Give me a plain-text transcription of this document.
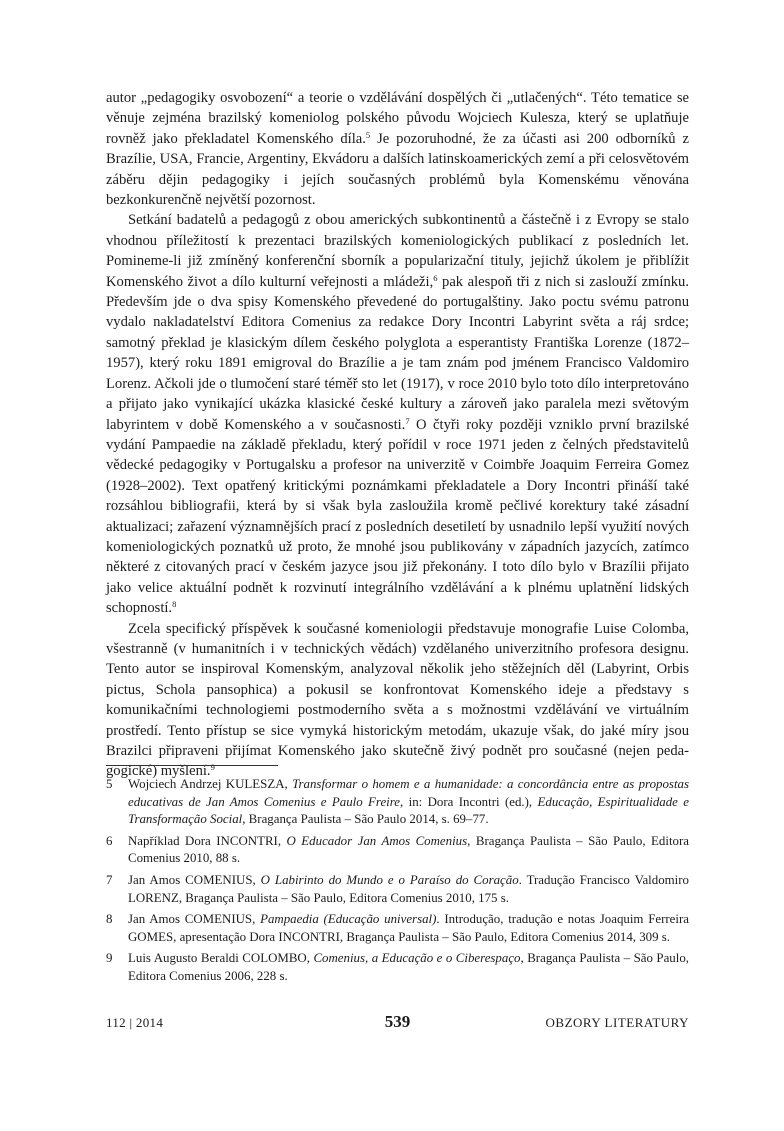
autor „pedagogiky osvobození“ a teorie o vzdělávání dospělých či „utlačených“. Této tematice se věnuje zejména brazilský komeniolog polského původu Wojciech Kulesza, který se uplatňuje rovněž jako překladatel Komenského díla.$^5$ Je pozoruhodné, že za účasti asi 200 odborníků z Brazílie, USA, Francie, Argentiny, Ekvádoru a dalších latinskoamerických zemí a při celosvětovém záběru dějin pedagogiky i jejích současných problémů byla Komenskému věnována bezkonkurenčně největší pozornost.

Setkání badatelů a pedagogů z obou amerických subkontinentů a částečně i z Evropy se stalo vhodnou příležitostí k prezentaci brazilských komeniologických publikací z posledních let. Pomineme-li již zmíněný konferenční sborník a popularizační tituly, jejichž úkolem je přiblížit Komenského život a dílo kulturní veřejnosti a mládeži,$^6$ pak alespoň tři z nich si zaslouží zmínku. Především jde o dva spisy Komenského převedené do portugalštiny. Jako poctu svému patronu vydalo nakladatelství Editora Comenius za redakce Dory Incontri Labyrint světa a ráj srdce; samotný překlad je klasickým dílem českého polyglota a esperantisty Františka Lorenze (1872–1957), který roku 1891 emigroval do Brazílie a je tam znám pod jménem Francisco Valdomiro Lorenz. Ačkoli jde o tlumočení staré téměř sto let (1917), v roce 2010 bylo toto dílo interpretováno a přijato jako vynikající ukázka klasické české kultury a zároveň jako paralela mezi světovým labyrintem v době Komenského a v současnosti.$^7$ O čtyři roky později vzniklo první brazilské vydání Pampaedie na základě překladu, který pořídil v roce 1971 jeden z čelných představitelů vědecké pedagogiky v Portugalsku a profesor na univerzitě v Coimbře Joaquim Ferreira Gomez (1928–2002). Text opatřený kritickými poznámkami překladatele a Dory Incontri přináší také rozsáhlou bibliografii, která by si však byla zasloužila kromě pečlivé korektury také zásadní aktualizaci; zařazení významnějších prací z posledních desetiletí by usnadnilo lepší využití nových komeniologických poznatků už proto, že mnohé jsou publikovány v západních jazycích, zatímco některé z citovaných prací v českém jazyce jsou již překonány. I toto dílo bylo v Brazílii přijato jako velice aktuální podnět k rozvinutí integrálního vzdělávání a k plnému uplatnění lidských schopností.$^8$

Zcela specifický příspěvek k současné komeniologii představuje monografie Luise Colomba, všestranně (v humanitních i v technických vědách) vzdělaného univerzitního profesora designu. Tento autor se inspiroval Komenským, analyzoval několik jeho stěžejních děl (Labyrint, Orbis pictus, Schola pansophica) a pokusil se konfrontovat Komenského ideje a představy s komunikačními technologiemi postmoderního světa a s možnostmi vzdělávání ve virtuálním prostředí. Tento přístup se sice vymyká historickým metodám, ukazuje však, do jaké míry jsou Brazilci připraveni přijímat Komenského jako skutečně živý podnět pro současné (nejen pedagogické) myšlení.$^9$

5	Wojciech Andrzej KULESZA, Transformar o homem e a humanidade: a concordância entre as propostas educativas de Jan Amos Comenius e Paulo Freire, in: Dora Incontri (ed.), Educação, Espiritualidade e Transformação Social, Bragança Paulista – São Paulo 2014, s. 69–77.
6	Například Dora INCONTRI, O Educador Jan Amos Comenius, Bragança Paulista – São Paulo, Editora Comenius 2010, 88 s.
7	Jan Amos COMENIUS, O Labirinto do Mundo e o Paraíso do Coração. Tradução Francisco Valdomiro LORENZ, Bragança Paulista – São Paulo, Editora Comenius 2010, 175 s.
8	Jan Amos COMENIUS, Pampaedia (Educação universal). Introdução, tradução e notas Joaquim Ferreira GOMES, apresentação Dora INCONTRI, Bragança Paulista – São Paulo, Editora Comenius 2014, 309 s.
9	Luis Augusto Beraldi COLOMBO, Comenius, a Educação e o Ciberespaço, Bragança Paulista – São Paulo, Editora Comenius 2006, 228 s.
112 | 2014	539	OBZORY LITERATURY
